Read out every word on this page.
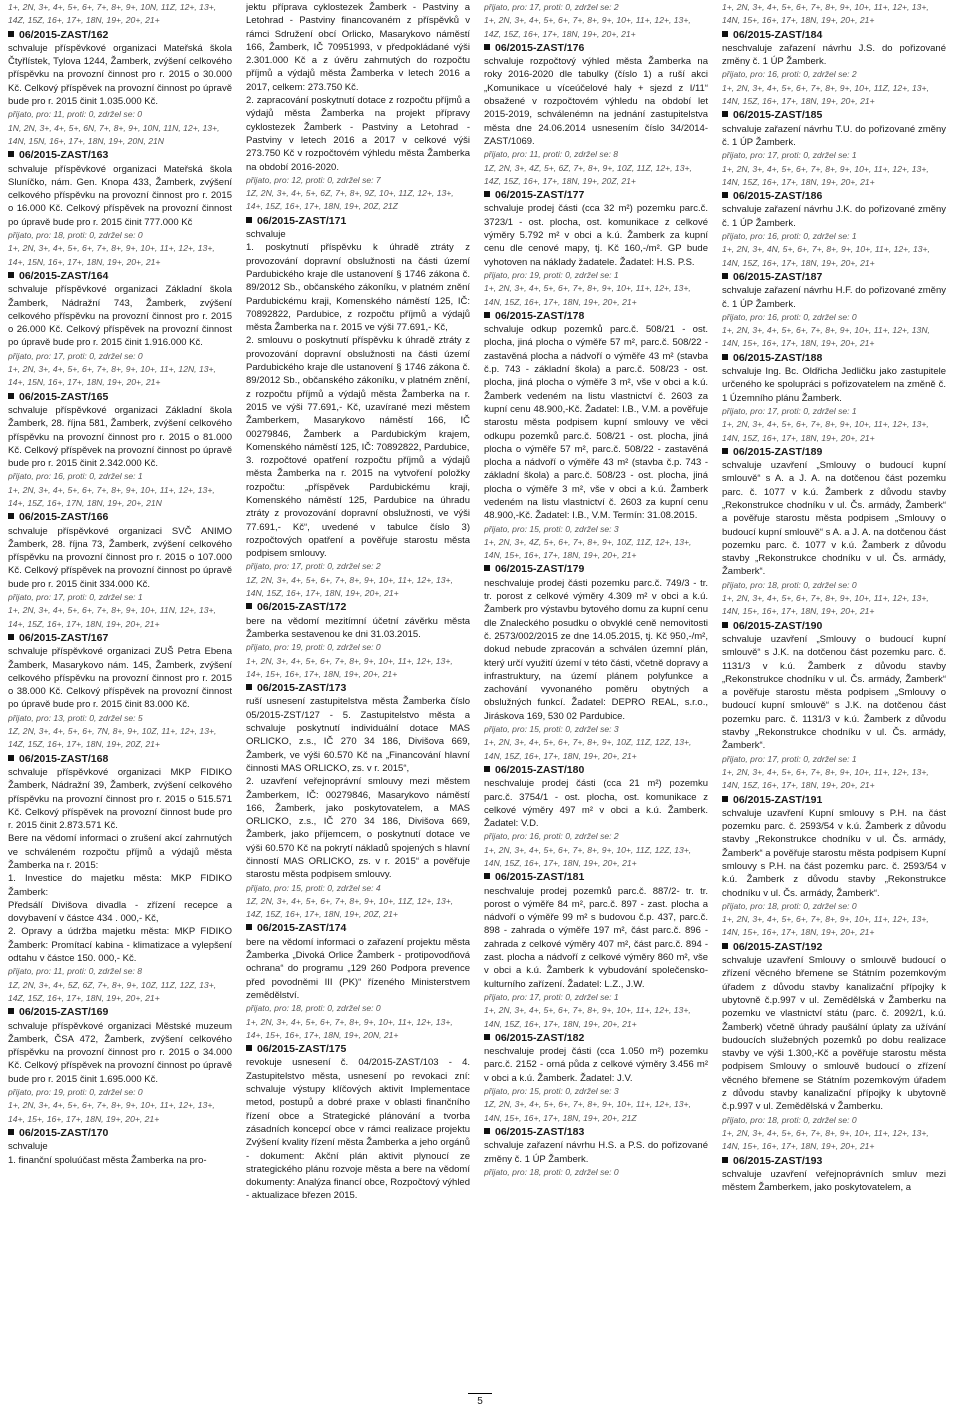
1+, 2N, 3+, 4+, 5+, 6+, 7+, 8+, 9+, 10N, 11Z, 12+, 13+, 14Z, 15Z, 16+, 17+, 18N, 19+, 20+, 21+

06/2015-ZAST/162

schvaluje příspěvkové organizaci Mateřská škola Čtyřlístek, Tylova 1244, Žamberk, zvýšení celkového příspěvku na provozní činnost pro r. 2015 o 30.000 Kč. Celkový příspěvek na provozní činnost po úpravě bude pro r. 2015 činit 1.035.000 Kč.

přijato, pro: 11, proti: 0, zdržel se: 0

1N, 2N, 3+, 4+, 5+, 6N, 7+, 8+, 9+, 10N, 11N, 12+, 13+, 14N, 15N, 16+, 17+, 18N, 19+, 20N, 21N

06/2015-ZAST/163

schvaluje příspěvkové organizaci Mateřská škola Sluníčko, nám. Gen. Knopa 433, Žamberk, zvýšení celkového příspěvku na provozní činnost pro r. 2015 o 16.000 Kč. Celkový příspěvek na provozní činnost po úpravě bude pro r. 2015 činit 777.000 Kč

přijato, pro: 18, proti: 0, zdržel se: 0

1+, 2N, 3+, 4+, 5+, 6+, 7+, 8+, 9+, 10+, 11+, 12+, 13+, 14+, 15N, 16+, 17+, 18N, 19+, 20+, 21+

06/2015-ZAST/164

schvaluje příspěvkové organizaci Základní škola Žamberk, Nádražní 743, Žamberk, zvýšení celkového příspěvku na provozní činnost pro r. 2015 o 26.000 Kč. Celkový příspěvek na provozní činnost po úpravě bude pro r. 2015 činit 1.916.000 Kč.

přijato, pro: 17, proti: 0, zdržel se: 0

1+, 2N, 3+, 4+, 5+, 6+, 7+, 8+, 9+, 10+, 11+, 12N, 13+, 14+, 15N, 16+, 17+, 18N, 19+, 20+, 21+

06/2015-ZAST/165

schvaluje příspěvkové organizaci Základní škola Žamberk, 28. října 581, Žamberk, zvýšení celkového příspěvku na provozní činnost pro r. 2015 o 81.000 Kč. Celkový příspěvek na provozní činnost po úpravě bude pro r. 2015 činit 2.342.000 Kč.

přijato, pro: 16, proti: 0, zdržel se: 1

1+, 2N, 3+, 4+, 5+, 6+, 7+, 8+, 9+, 10+, 11+, 12+, 13+, 14+, 15Z, 16+, 17N, 18N, 19+, 20+, 21N

06/2015-ZAST/166

schvaluje příspěvkové organizaci SVČ ANIMO Žamberk, 28. října 73, Žamberk, zvýšení celkového příspěvku na provozní činnost pro r. 2015 o 107.000 Kč. Celkový příspěvek na provozní činnost po úpravě bude pro r. 2015 činit 334.000 Kč.

přijato, pro: 17, proti: 0, zdržel se: 1

1+, 2N, 3+, 4+, 5+, 6+, 7+, 8+, 9+, 10+, 11N, 12+, 13+, 14+, 15Z, 16+, 17+, 18N, 19+, 20+, 21+

06/2015-ZAST/167

schvaluje příspěvkové organizaci ZUŠ Petra Ebena Žamberk, Masarykovo nám. 145, Žamberk, zvýšení celkového příspěvku na provozní činnost pro r. 2015 o 38.000 Kč. Celkový příspěvek na provozní činnost po úpravě bude pro r. 2015 činit 83.000 Kč.

přijato, pro: 13, proti: 0, zdržel se: 5

1Z, 2N, 3+, 4+, 5+, 6+, 7N, 8+, 9+, 10Z, 11+, 12+, 13+, 14Z, 15Z, 16+, 17+, 18N, 19+, 20Z, 21+

06/2015-ZAST/168

schvaluje příspěvkové organizaci MKP FIDIKO Žamberk, Nádražní 39, Žamberk, zvýšení celkového příspěvku na provozní činnost pro r. 2015 o 515.571 Kč. Celkový příspěvek na provozní činnost bude pro r. 2015 činit 2.873.571 Kč.

Bere na vědomí informaci o zrušení akcí zahrnutých ve schváleném rozpočtu příjmů a výdajů města Žamberka na r. 2015:

1. Investice do majetku města: MKP FIDIKO Žamberk:

Předsálí Divišova divadla - zřízení recepce a dovybavení v částce 434 . 000,- Kč,

2. Opravy a údržba majetku města: MKP FIDIKO Žamberk: Promítací kabina - klimatizace a vylepšení odtahu v částce 150. 000,- Kč.

přijato, pro: 11, proti: 0, zdržel se: 8

1Z, 2N, 3+, 4+, 5Z, 6Z, 7+, 8+, 9+, 10Z, 11Z, 12Z, 13+, 14Z, 15Z, 16+, 17+, 18N, 19+, 20+, 21+

06/2015-ZAST/169

schvaluje příspěvkové organizaci Městské muzeum Žamberk, ČSA 472, Žamberk, zvýšení celkového příspěvku na provozní činnost pro r. 2015 o 34.000 Kč. Celkový příspěvek na provozní činnost po úpravě bude pro r. 2015 činit 1.695.000 Kč.

přijato, pro: 19, proti: 0, zdržel se: 0

1+, 2N, 3+, 4+, 5+, 6+, 7+, 8+, 9+, 10+, 11+, 12+, 13+, 14+, 15+, 16+, 17+, 18N, 19+, 20+, 21+

06/2015-ZAST/170

schvaluje

1. finanční spoluúčast města Žamberka na pro-

jektu příprava cyklostezek Žamberk - Pastviny a Letohrad - Pastviny financovaném z příspěvků v rámci Sdružení obcí Orlicko, Masarykovo náměstí 166, Žamberk, IČ 70951993, v předpokládané výši 2.301.000 Kč a z úvěru zahrnutých do rozpočtu příjmů a výdajů města Žamberka v letech 2016 a 2017, celkem: 273.750 Kč.

2. zapracování poskytnutí dotace z rozpočtu příjmů a výdajů města Žamberka na projekt přípravy cyklostezek Žamberk - Pastviny a Letohrad - Pastviny v letech 2016 a 2017 v celkové výši 273.750 Kč v rozpočtovém výhledu města Žamberka na období 2016-2020.

přijato, pro: 12, proti: 0, zdržel se: 7

1Z, 2N, 3+, 4+, 5+, 6Z, 7+, 8+, 9Z, 10+, 11Z, 12+, 13+, 14+, 15Z, 16+, 17+, 18N, 19+, 20Z, 21Z

06/2015-ZAST/171

schvaluje

1. poskytnutí příspěvku k úhradě ztráty z provozování dopravní obslužnosti na části území Pardubického kraje dle ustanovení § 1746 zákona č. 89/2012 Sb., občanského zákoníku, v platném znění Pardubickému kraji, Komenského náměstí 125, IČ: 70892822, Pardubice, z rozpočtu příjmů a výdajů města Žamberka na r. 2015 ve výši 77.691,- Kč,

2. smlouvu o poskytnutí příspěvku k úhradě ztráty z provozování dopravní obslužnosti na části území Pardubického kraje dle ustanovení § 1746 zákona č. 89/2012 Sb., občanského zákoníku, v platném znění, z rozpočtu příjmů a výdajů města Žamberka na r. 2015 ve výši 77.691,- Kč, uzavírané mezi městem Žamberkem, Masarykovo náměstí 166, IČ 00279846, Žamberk a Pardubickým krajem, Komenského náměstí 125, IČ: 70892822, Pardubice,

3. rozpočtové opatření rozpočtu příjmů a výdajů města Žamberka na r. 2015 na vytvoření položky rozpočtu: „příspěvek Pardubickému kraji, Komenského náměstí 125, Pardubice na úhradu ztráty z provozování dopravní obslužnosti, ve výši 77.691,- Kč“, uvedené v tabulce číslo 3) rozpočtových opatření a pověřuje starostu města podpisem smlouvy.

přijato, pro: 17, proti: 0, zdržel se: 2

1Z, 2N, 3+, 4+, 5+, 6+, 7+, 8+, 9+, 10+, 11+, 12+, 13+, 14N, 15Z, 16+, 17+, 18N, 19+, 20+, 21+

06/2015-ZAST/172

bere na vědomí mezitímní účetní závěrku města Žamberka sestavenou ke dni 31.03.2015.

přijato, pro: 19, proti: 0, zdržel se: 0

1+, 2N, 3+, 4+, 5+, 6+, 7+, 8+, 9+, 10+, 11+, 12+, 13+, 14+, 15+, 16+, 17+, 18N, 19+, 20+, 21+

06/2015-ZAST/173

ruší usnesení zastupitelstva města Žamberka číslo 05/2015-ZST/127 - 5. Zastupitelstvo města a schvaluje poskytnutí individuální dotace MAS ORLICKO, z.s., IČ 270 34 186, Divišova 669, Žamberk, ve výši 60.570 Kč na „Financování hlavní činnosti MAS ORLICKO, zs. v r. 2015“,

2. uzavření veřejnoprávní smlouvy mezi městem Žamberkem, IČ: 00279846, Masarykovo náměstí 166, Žamberk, jako poskytovatelem, a MAS ORLICKO, z.s., IČ 270 34 186, Divišova 669, Žamberk, jako příjemcem, o poskytnutí dotace ve výši 60.570 Kč na pokrytí nákladů spojených s hlavní činností MAS ORLICKO, zs. v r. 2015“ a pověřuje starostu města podpisem smlouvy.

přijato, pro: 15, proti: 0, zdržel se: 4

1Z, 2N, 3+, 4+, 5+, 6+, 7+, 8+, 9+, 10+, 11Z, 12+, 13+, 14Z, 15Z, 16+, 17+, 18N, 19+, 20Z, 21+

06/2015-ZAST/174

bere na vědomí informaci o zařazení projektu města Žamberka „Divoká Orlice Žamberk - protipovodňová ochrana“ do programu „129 260 Podpora prevence před povodněmi III (PK)“ řízeného Ministerstvem zemědělství.

přijato, pro: 18, proti: 0, zdržel se: 0

1+, 2N, 3+, 4+, 5+, 6+, 7+, 8+, 9+, 10+, 11+, 12+, 13+, 14+, 15+, 16+, 17+, 18N, 19+, 20N, 21+

06/2015-ZAST/175

revokuje usnesení č. 04/2015-ZAST/103 - 4. Zastupitelstvo města, usnesení po revokaci zní: schvaluje výstupy klíčových aktivit Implementace metod, postupů a dobré praxe v oblasti finančního řízení obce a Strategické plánování a tvorba zásadních koncepcí obce v rámci realizace projektu Zvýšení kvality řízení města Žamberka a jeho orgánů - dokument: Akční plán aktivit plynoucí ze strategického plánu rozvoje města a bere na vědomí dokumenty: Analýza financí obce, Rozpočtový výhled - aktualizace březen 2015.

přijato, pro: 17, proti: 0, zdržel se: 2

1+, 2N, 3+, 4+, 5+, 6+, 7+, 8+, 9+, 10+, 11+, 12+, 13+, 14Z, 15Z, 16+, 17+, 18N, 19+, 20+, 21+

06/2015-ZAST/176

schvaluje rozpočtový výhled města Žamberka na roky 2016-2020 dle tabulky (číslo 1) a ruší akci „Komunikace u víceúčelové haly + sjezd z I/11“ obsažené v rozpočtovém výhledu na období let 2015-2019, schválenémn na jednání zastupitelstva města dne 24.06.2014 usnesením číslo 34/2014-ZAST/1069.

přijato, pro: 11, proti: 0, zdržel se: 8

1Z, 2N, 3+, 4Z, 5+, 6Z, 7+, 8+, 9+, 10Z, 11Z, 12+, 13+, 14Z, 15Z, 16+, 17+, 18N, 19+, 20Z, 21+

06/2015-ZAST/177

schvaluje prodej části (cca 32 m²) pozemku parc.č. 3723/1 - ost. plocha, ost. komunikace z celkové výměry 5.792 m² v obci a k.ú. Žamberk za kupní cenu dle cenové mapy, tj. Kč 160,-/m². GP bude vyhotoven na náklady žadatele. Žadatel: H.S. P.S.

přijato, pro: 19, proti: 0, zdržel se: 1

1+, 2N, 3+, 4+, 5+, 6+, 7+, 8+, 9+, 10+, 11+, 12+, 13+, 14N, 15Z, 16+, 17+, 18N, 19+, 20+, 21+

06/2015-ZAST/178

schvaluje odkup pozemků parc.č. 508/21 - ost. plocha, jiná plocha o výměře 57 m², parc.č. 508/22 - zastavěná plocha a nádvoří o výměře 43 m² (stavba č.p. 743 - základní škola) a parc.č. 508/23 - ost. plocha, jiná plocha o výměře 3 m², vše v obci a k.ú. Žamberk vedeném na listu vlastnictví č. 2603 za kupní cenu 48.900,-Kč. Žadatel: I.B., V.M. a pověřuje starostu města podpisem kupní smlouvy ve věci odkupu pozemků parc.č. 508/21 - ost. plocha, jiná plocha o výměře 57 m², parc.č. 508/22 - zastavěná plocha a nádvoří o výměře 43 m² (stavba č.p. 743 - základní škola) a parc.č. 508/23 - ost. plocha, jiná plocha o výměře 3 m², vše v obci a k.ú. Žamberk vedeném na listu vlastnictví č. 2603 za kupní cenu 48.900,-Kč. Žadatel: I.B., V.M. Termín: 31.08.2015.

přijato, pro: 15, proti: 0, zdržel se: 3

1+, 2N, 3+, 4Z, 5+, 6+, 7+, 8+, 9+, 10Z, 11Z, 12+, 13+, 14N, 15+, 16+, 17+, 18N, 19+, 20+, 21+

06/2015-ZAST/179

neschvaluje prodej části pozemku parc.č. 749/3 - tr. tr. porost z celkové výměry 4.309 m² v obci a k.ú. Žamberk pro výstavbu bytového domu za kupní cenu dle Znaleckého posudku o obvyklé ceně nemovitosti č. 2573/002/2015 ze dne 14.05.2015, tj. Kč 950,-/m², dokud nebude zpracován a schválen územní plán, který určí využití území v této části, včetně dopravy a infrastruktury, na území plánem polyfunkce a zachování vyvonaného poměru obytných a obslužných funkcí. Žadatel: DEPRO REAL, s.r.o., Jiráskova 169, 530 02 Pardubice.

přijato, pro: 15, proti: 0, zdržel se: 3

1+, 2N, 3+, 4+, 5+, 6+, 7+, 8+, 9+, 10Z, 11Z, 12Z, 13+, 14N, 15Z, 16+, 17+, 18N, 19+, 20+, 21+

06/2015-ZAST/180

neschvaluje prodej části (cca 21 m²) pozemku parc.č. 3754/1 - ost. plocha, ost. komunikace z celkové výměry 497 m² v obci a k.ú. Žamberk. Žadatel: V.D.

přijato, pro: 16, proti: 0, zdržel se: 2

1+, 2N, 3+, 4+, 5+, 6+, 7+, 8+, 9+, 10+, 11Z, 12Z, 13+, 14N, 15Z, 16+, 17+, 18N, 19+, 20+, 21+

06/2015-ZAST/181

neschvaluje prodej pozemků parc.č. 887/2- tr. tr. porost o výměře 84 m², parc.č. 897 - zast. plocha a nádvoří o výměře 99 m² s budovou č.p. 437, parc.č. 898 - zahrada o výměře 197 m², část parc.č. 896 - zahrada z celkové výměry 407 m², část parc.č. 894 - zast. plocha a nádvoří z celkové výměry 860 m², vše v obci a k.ú. Žamberk k vybudování společensko-kulturního zařízení. Žadatel: L.Z., J.W.

přijato, pro: 17, proti: 0, zdržel se: 1

1+, 2N, 3+, 4+, 5+, 6+, 7+, 8+, 9+, 10+, 11+, 12+, 13+, 14N, 15Z, 16+, 17+, 18N, 19+, 20+, 21+

06/2015-ZAST/182

neschvaluje prodej části (cca 1.050 m²) pozemku parc.č. 2152 - orná půda z celkové výměry 3.456 m² v obci a k.ú. Žamberk. Žadatel: J.V.

přijato, pro: 15, proti: 0, zdržel se: 3

1Z, 2N, 3+, 4+, 5+, 6+, 7+, 8+, 9+, 10+, 11+, 12+, 13+, 14N, 15+, 16+, 17+, 18N, 19+, 20+, 21Z

06/2015-ZAST/183

schvaluje zařazení návrhu H.S. a P.S. do pořizované změny č. 1 ÚP Žamberk.

přijato, pro: 18, proti: 0, zdržel se: 0

1+, 2N, 3+, 4+, 5+, 6+, 7+, 8+, 9+, 10+, 11+, 12+, 13+, 14N, 15+, 16+, 17+, 18N, 19+, 20+, 21+

06/2015-ZAST/184

neschvaluje zařazení návrhu J.S. do pořizované změny č. 1 ÚP Žamberk.

přijato, pro: 16, proti: 0, zdržel se: 2

1+, 2N, 3+, 4+, 5+, 6+, 7+, 8+, 9+, 10+, 11Z, 12+, 13+, 14N, 15Z, 16+, 17+, 18N, 19+, 20+, 21+

06/2015-ZAST/185

schvaluje zařazení návrhu T.U. do pořizované změny č. 1 ÚP Žamberk.

přijato, pro: 17, proti: 0, zdržel se: 1

1+, 2N, 3+, 4+, 5+, 6+, 7+, 8+, 9+, 10+, 11+, 12+, 13+, 14N, 15Z, 16+, 17+, 18N, 19+, 20+, 21+

06/2015-ZAST/186

schvaluje zařazení návrhu J.K. do pořizované změny č. 1 ÚP Žamberk.

přijato, pro: 16, proti: 0, zdržel se: 1

1+, 2N, 3+, 4N, 5+, 6+, 7+, 8+, 9+, 10+, 11+, 12+, 13+, 14N, 15Z, 16+, 17+, 18N, 19+, 20+, 21+

06/2015-ZAST/187

schvaluje zařazení návrhu H.F. do pořizované změny č. 1 ÚP Žamberk.

přijato, pro: 16, proti: 0, zdržel se: 0

1+, 2N, 3+, 4+, 5+, 6+, 7+, 8+, 9+, 10+, 11+, 12+, 13N, 14N, 15+, 16+, 17+, 18N, 19+, 20+, 21+

06/2015-ZAST/188

schvaluje Ing. Bc. Oldřicha Jedličku jako zastupitele určeného ke spolupráci s pořizovatelem na změně č. 1 Územního plánu Žamberk.

přijato, pro: 17, proti: 0, zdržel se: 1

1+, 2N, 3+, 4+, 5+, 6+, 7+, 8+, 9+, 10+, 11+, 12+, 13+, 14N, 15Z, 16+, 17+, 18N, 19+, 20+, 21+

06/2015-ZAST/189

schvaluje uzavření „Smlouvy o budoucí kupní smlouvě“ s A. a J. A. na dotčenou část pozemku parc. č. 1077 v k.ú. Žamberk z důvodu stavby „Rekonstrukce chodníku v ul. Čs. armády, Žamberk“ a pověřuje starostu města podpisem „Smlouvy o budoucí kupní smlouvě“ s A. a J. A. na dotčenou část pozemku parc. č. 1077 v k.ú. Žamberk z důvodu stavby „Rekonstrukce chodníku v ul. Čs. armády, Žamberk“.

přijato, pro: 18, proti: 0, zdržel se: 0

1+, 2N, 3+, 4+, 5+, 6+, 7+, 8+, 9+, 10+, 11+, 12+, 13+, 14N, 15+, 16+, 17+, 18N, 19+, 20+, 21+

06/2015-ZAST/190

schvaluje uzavření „Smlouvy o budoucí kupní smlouvě“ s J.K. na dotčenou část pozemku parc. č. 1131/3 v k.ú. Žamberk z důvodu stavby „Rekonstrukce chodníku v ul. Čs. armády, Žamberk“ a pověřuje starostu města podpisem „Smlouvy o budoucí kupní smlouvě“ s J.K. na dotčenou část pozemku parc. č. 1131/3 v k.ú. Žamberk z důvodu stavby „Rekonstrukce chodníku v ul. Čs. armády, Žamberk“.

přijato, pro: 17, proti: 0, zdržel se: 1

1+, 2N, 3+, 4+, 5+, 6+, 7+, 8+, 9+, 10+, 11+, 12+, 13+, 14N, 15Z, 16+, 17+, 18N, 19+, 20+, 21+

06/2015-ZAST/191

schvaluje uzavření Kupní smlouvy s P.H. na část pozemku parc. č. 2593/54 v k.ú. Žamberk z důvodu stavby „Rekonstrukce chodníku v ul. Čs. armády, Žamberk“ a pověřuje starostu města podpisem Kupní smlouvy s P.H. na část pozemku parc. č. 2593/54 v k.ú. Žamberk z důvodu stavby „Rekonstrukce chodníku v ul. Čs. armády, Žamberk“.

přijato, pro: 18, proti: 0, zdržel se: 0

1+, 2N, 3+, 4+, 5+, 6+, 7+, 8+, 9+, 10+, 11+, 12+, 13+, 14N, 15+, 16+, 17+, 18N, 19+, 20+, 21+

06/2015-ZAST/192

schvaluje uzavření Smlouvy o smlouvě budoucí o zřízení věcného břemene se Státním pozemkovým úřadem z důvodu stavby kanalizační přípojky k ubytovně č.p.997 v ul. Zemědělská v Žamberku na pozemku ve vlastnictví státu (parc. č. 2092/1, k.ú. Žamberk) včetně úhrady paušální úplaty za užívání budoucích služebných pozemků po dobu realizace stavby ve výši 1.300,-Kč a pověřuje starostu města podpisem Smlouvy o smlouvě budoucí o zřízení věcného břemene se Státním pozemkovým úřadem z důvodu stavby kanalizační přípojky k ubytovně č.p.997 v ul. Zemědělská v Žamberku.

přijato, pro: 18, proti: 0, zdržel se: 0

1+, 2N, 3+, 4+, 5+, 6+, 7+, 8+, 9+, 10+, 11+, 12+, 13+, 14N, 15+, 16+, 17+, 18N, 19+, 20+, 21+

06/2015-ZAST/193

schvaluje uzavření veřejnoprávních smluv mezi městem Žamberkem, jako poskytovatelem, a

5
